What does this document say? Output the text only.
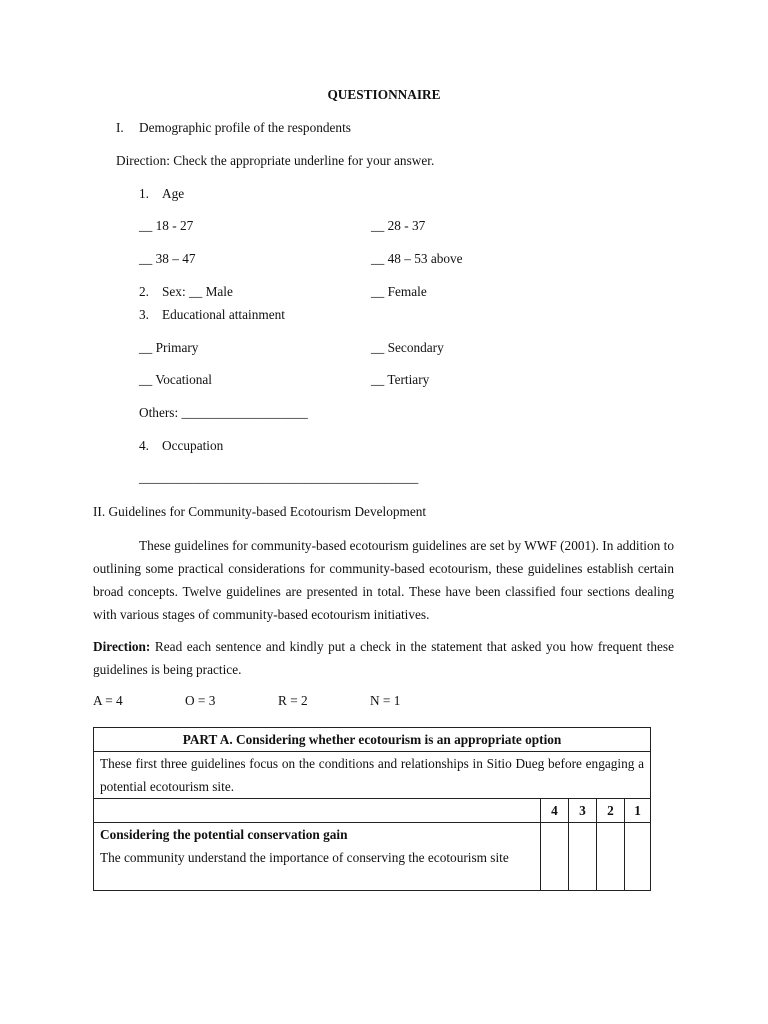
QUESTIONNAIRE
I. Demographic profile of the respondents
Direction: Check the appropriate underline for your answer.
1. Age
__ 18 - 27	__ 28 - 37
__ 38 – 47	__ 48 – 53 above
2. Sex: __ Male	__ Female
3. Educational attainment
__ Primary	__ Secondary
__ Vocational	__ Tertiary
Others: ___________________
4. Occupation
__________________________________________
II. Guidelines for Community-based Ecotourism Development
These guidelines for community-based ecotourism guidelines are set by WWF (2001). In addition to outlining some practical considerations for community-based ecotourism, these guidelines establish certain broad concepts. Twelve guidelines are presented in total. These have been classified four sections dealing with various stages of community-based ecotourism initiatives.
Direction: Read each sentence and kindly put a check in the statement that asked you how frequent these guidelines is being practice.
A = 4	O = 3	R = 2	N = 1
PART A. Considering whether ecotourism is an appropriate option				
These first three guidelines focus on the conditions and relationships in Sitio Dueg before engaging a potential ecotourism site.				
	4	3	2	1

Considering the potential conservation gain
The community understand the importance of conserving the ecotourism site				
